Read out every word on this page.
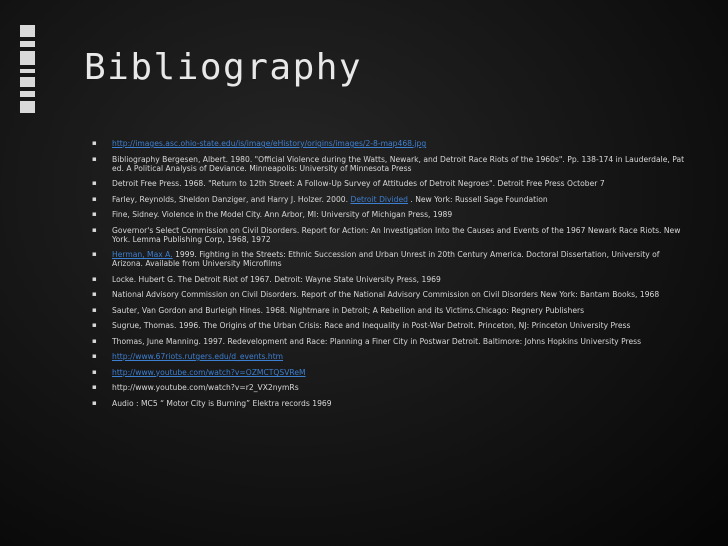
Bibliography
▪ http://images.asc.ohio-state.edu/is/image/eHistory/origins/images/2-8-map468.jpg
▪ Bibliography Bergesen, Albert. 1980. "Official Violence during the Watts, Newark, and Detroit Race Riots of the 1960s". Pp. 138-174 in Lauderdale, Pat ed. A Political Analysis of Deviance. Minneapolis: University of Minnesota Press
▪ Detroit Free Press. 1968. "Return to 12th Street: A Follow-Up Survey of Attitudes of Detroit Negroes". Detroit Free Press October 7
▪ Farley, Reynolds, Sheldon Danziger, and Harry J. Holzer. 2000. Detroit Divided . New York: Russell Sage Foundation
▪ Fine, Sidney. Violence in the Model City. Ann Arbor, MI: University of Michigan Press, 1989
▪ Governor's Select Commission on Civil Disorders. Report for Action: An Investigation Into the Causes and Events of the 1967 Newark Race Riots. New York. Lemma Publishing Corp, 1968, 1972
▪ Herman, Max A. 1999. Fighting in the Streets: Ethnic Succession and Urban Unrest in 20th Century America. Doctoral Dissertation, University of Arizona. Available from University Microfilms
▪ Locke. Hubert G. The Detroit Riot of 1967. Detroit: Wayne State University Press, 1969
▪ National Advisory Commission on Civil Disorders. Report of the National Advisory Commission on Civil Disorders New York: Bantam Books, 1968
▪ Sauter, Van Gordon and Burleigh Hines. 1968. Nightmare in Detroit; A Rebellion and its Victims.Chicago: Regnery Publishers
▪ Sugrue, Thomas. 1996. The Origins of the Urban Crisis: Race and Inequality in Post-War Detroit. Princeton, NJ: Princeton University Press
▪ Thomas, June Manning. 1997. Redevelopment and Race: Planning a Finer City in Postwar Detroit. Baltimore: Johns Hopkins University Press
▪ http://www.67riots.rutgers.edu/d_events.htm
▪ http://www.youtube.com/watch?v=OZMCTQSVReM
▪ http://www.youtube.com/watch?v=r2_VX2nymRs
▪ Audio : MC5 “ Motor City is Burning” Elektra records 1969
